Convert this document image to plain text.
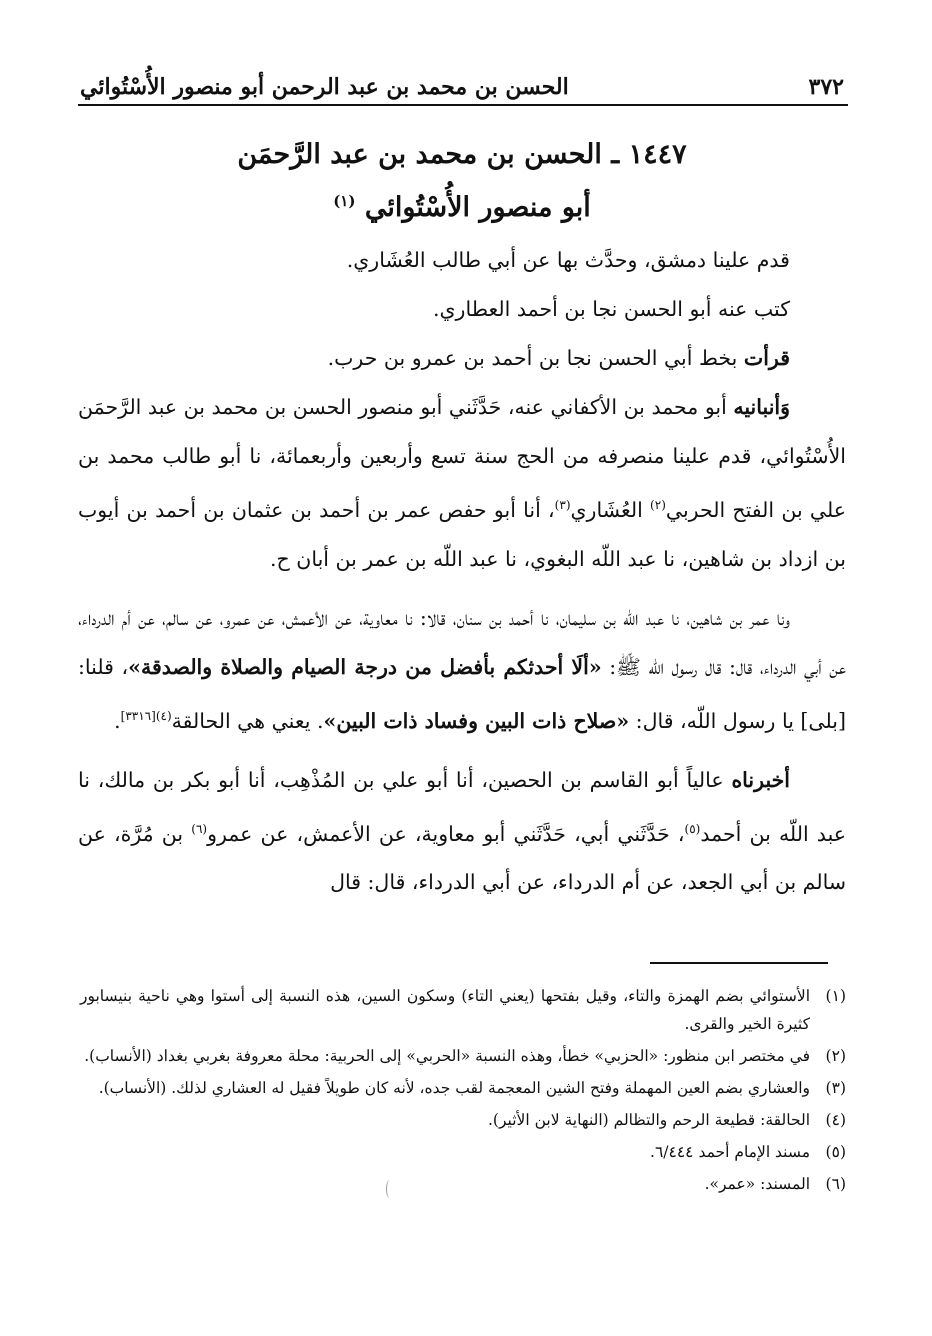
٣٧٢
الحسن بن محمد بن عبد الرحمن أبو منصور الأُسْتُوائي
١٤٤٧ ـ الحسن بن محمد بن عبد الرَّحمَن
أبو منصور الأُسْتُوائي $^{(١)}$

قدم علينا دمشق، وحدَّث بها عن أبي طالب العُشَاري.

كتب عنه أبو الحسن نجا بن أحمد العطاري.

قرأت بخط أبي الحسن نجا بن أحمد بن عمرو بن حرب.

وَأنبانيه أبو محمد بن الأكفاني عنه، حَدَّثَني أبو منصور الحسن بن محمد بن عبد الرَّحمَن الأُسْتُوائي، قدم علينا منصرفه من الحج سنة تسع وأربعين وأربعمائة، نا أبو طالب محمد بن علي بن الفتح الحربي$^{(٢)}$ العُشَاري$^{(٣)}$، أنا أبو حفص عمر بن أحمد بن عثمان بن أحمد بن أيوب بن ازداد بن شاهين، نا عبد اللّه البغوي، نا عبد اللّه بن عمر بن أبان ح.

ونا عمر بن شاهين، نا عبد اللّه بن سليمان، نا أحمد بن سنان، قالا: نا معاوية، عن الأعمش، عن عمرو، عن سالم، عن أم الدرداء، عن أبي الدرداء، قال: قال رسول اللّه ﷺ: «ألَا أحدثكم بأفضل من درجة الصيام والصلاة والصدقة»، قلنا: [بلى] يا رسول اللّه، قال: «صلاح ذات البين وفساد ذات البين». يعني هي الحالقة$^{(٤)[٣٣١٦]}$.

أخبرناه عالياً أبو القاسم بن الحصين، أنا أبو علي بن المُذْهِب، أنا أبو بكر بن مالك، نا عبد اللّه بن أحمد$^{(٥)}$، حَدَّثَني أبي، حَدَّثَني أبو معاوية، عن الأعمش، عن عمرو$^{(٦)}$ بن مُرَّة، عن سالم بن أبي الجعد، عن أم الدرداء، عن أبي الدرداء، قال: قال

(١)
الأستوائي بضم الهمزة والتاء، وقيل بفتحها (يعني التاء) وسكون السين، هذه النسبة إلى أستوا وهي ناحية بنيسابور كثيرة الخير والقرى.
(٢)
في مختصر ابن منظور: «الحزبي» خطأ، وهذه النسبة «الحربي» إلى الحربية: محلة معروفة بغربي بغداد (الأنساب).
(٣)
والعشاري بضم العين المهملة وفتح الشين المعجمة لقب جده، لأنه كان طويلاً فقيل له العشاري لذلك. (الأنساب).
(٤)
الحالقة: قطيعة الرحم والتظالم (النهاية لابن الأثير).
(٥)
مسند الإمام أحمد ٦/٤٤٤.
(٦)
المسند: «عمر».
